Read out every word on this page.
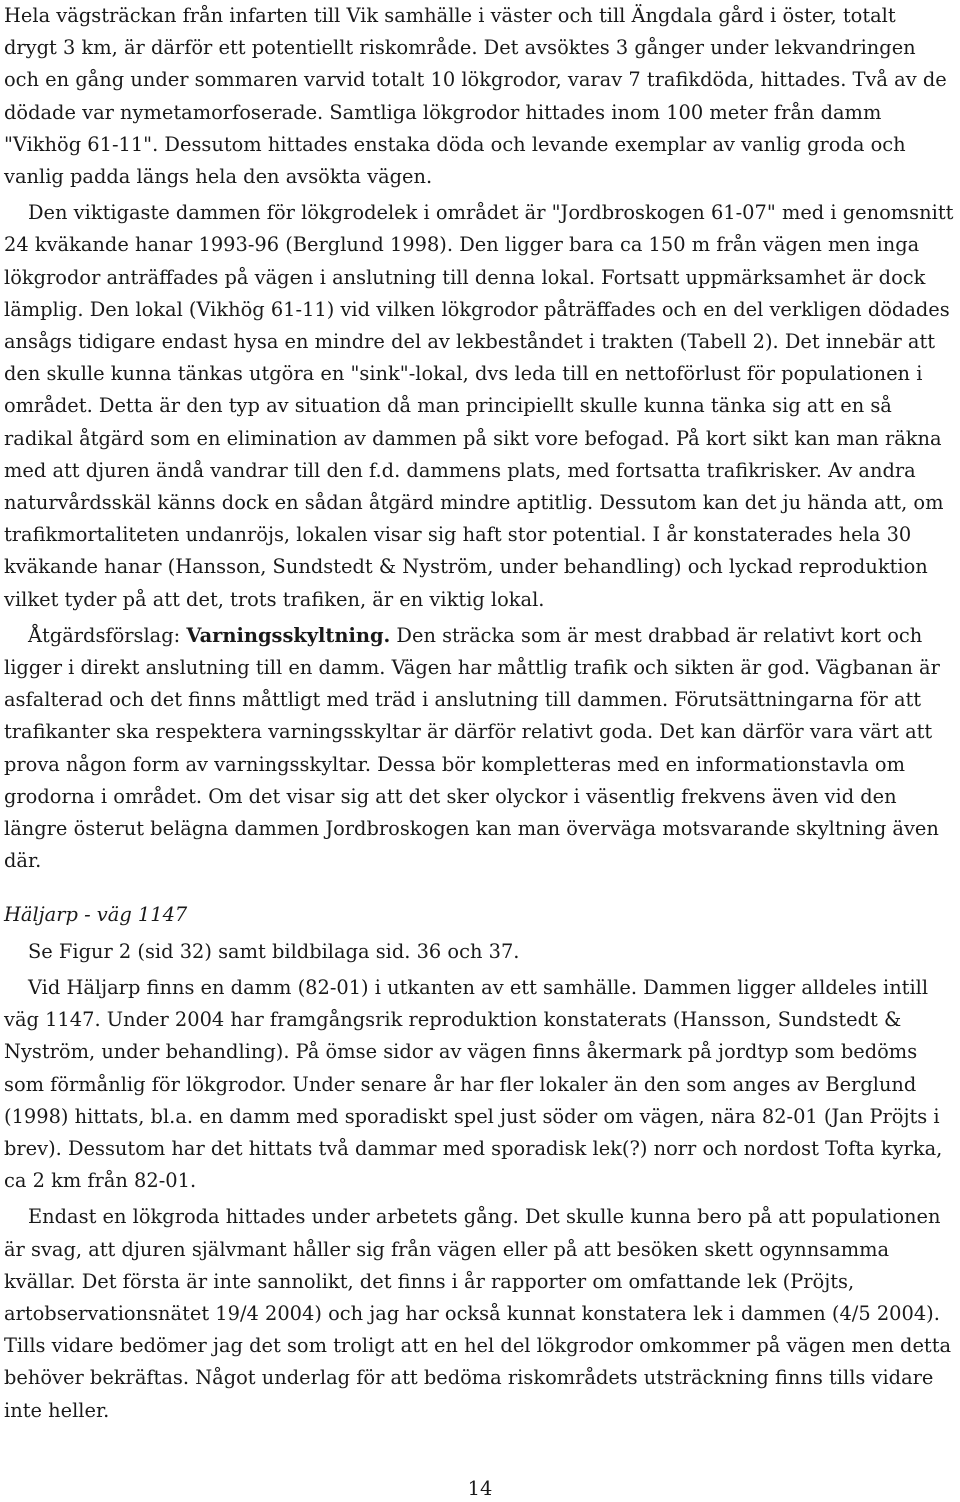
Hela vägsträckan från infarten till Vik samhälle i väster och till Ängdala gård i öster, totalt drygt 3 km, är därför ett potentiellt riskområde. Det avsöktes 3 gånger under lekvandringen och en gång under sommaren varvid totalt 10 lökgrodor, varav 7 trafikdöda, hittades. Två av de dödade var nymetamorfoserade. Samtliga lökgrodor hittades inom 100 meter från damm "Vikhög 61-11". Dessutom hittades enstaka döda och levande exemplar av vanlig groda och vanlig padda längs hela den avsökta vägen.

Den viktigaste dammen för lökgrodelek i området är "Jordbroskogen 61-07" med i genomsnitt 24 kväkande hanar 1993-96 (Berglund 1998). Den ligger bara ca 150 m från vägen men inga lökgrodor anträffades på vägen i anslutning till denna lokal. Fortsatt uppmärksamhet är dock lämplig. Den lokal (Vikhög 61-11) vid vilken lökgrodor påträffades och en del verkligen dödades ansågs tidigare endast hysa en mindre del av lekbeståndet i trakten (Tabell 2). Det innebär att den skulle kunna tänkas utgöra en "sink"-lokal, dvs leda till en nettoförlust för populationen i området. Detta är den typ av situation då man principiellt skulle kunna tänka sig att en så radikal åtgärd som en elimination av dammen på sikt vore befogad. På kort sikt kan man räkna med att djuren ändå vandrar till den f.d. dammens plats, med fortsatta trafikrisker. Av andra naturvårdsskäl känns dock en sådan åtgärd mindre aptitlig. Dessutom kan det ju hända att, om trafikmortaliteten undanröjs, lokalen visar sig haft stor potential. I år konstaterades hela 30 kväkande hanar (Hansson, Sundstedt & Nyström, under behandling) och lyckad reproduktion vilket tyder på att det, trots trafiken, är en viktig lokal.

Åtgärdsförslag: Varningsskyltning. Den sträcka som är mest drabbad är relativt kort och ligger i direkt anslutning till en damm. Vägen har måttlig trafik och sikten är god. Vägbanan är asfalterad och det finns måttligt med träd i anslutning till dammen. Förutsättningarna för att trafikanter ska respektera varningsskyltar är därför relativt goda. Det kan därför vara värt att prova någon form av varningsskyltar. Dessa bör kompletteras med en informationstavla om grodorna i området. Om det visar sig att det sker olyckor i väsentlig frekvens även vid den längre österut belägna dammen Jordbroskogen kan man överväga motsvarande skyltning även där.

Häljarp - väg 1147

Se Figur 2 (sid 32) samt bildbilaga sid. 36 och 37.

Vid Häljarp finns en damm (82-01) i utkanten av ett samhälle. Dammen ligger alldeles intill väg 1147. Under 2004 har framgångsrik reproduktion konstaterats (Hansson, Sundstedt & Nyström, under behandling). På ömse sidor av vägen finns åkermark på jordtyp som bedöms som förmånlig för lökgrodor. Under senare år har fler lokaler än den som anges av Berglund (1998) hittats, bl.a. en damm med sporadiskt spel just söder om vägen, nära 82-01 (Jan Pröjts i brev). Dessutom har det hittats två dammar med sporadisk lek(?) norr och nordost Tofta kyrka, ca 2 km från 82-01.

Endast en lökgroda hittades under arbetets gång. Det skulle kunna bero på att populationen är svag, att djuren självmant håller sig från vägen eller på att besöken skett ogynnsamma kvällar. Det första är inte sannolikt, det finns i år rapporter om omfattande lek (Pröjts, artobservationsnätet 19/4 2004) och jag har också kunnat konstatera lek i dammen (4/5 2004). Tills vidare bedömer jag det som troligt att en hel del lökgrodor omkommer på vägen men detta behöver bekräftas. Något underlag för att bedöma riskområdets utsträckning finns tills vidare inte heller.

14
